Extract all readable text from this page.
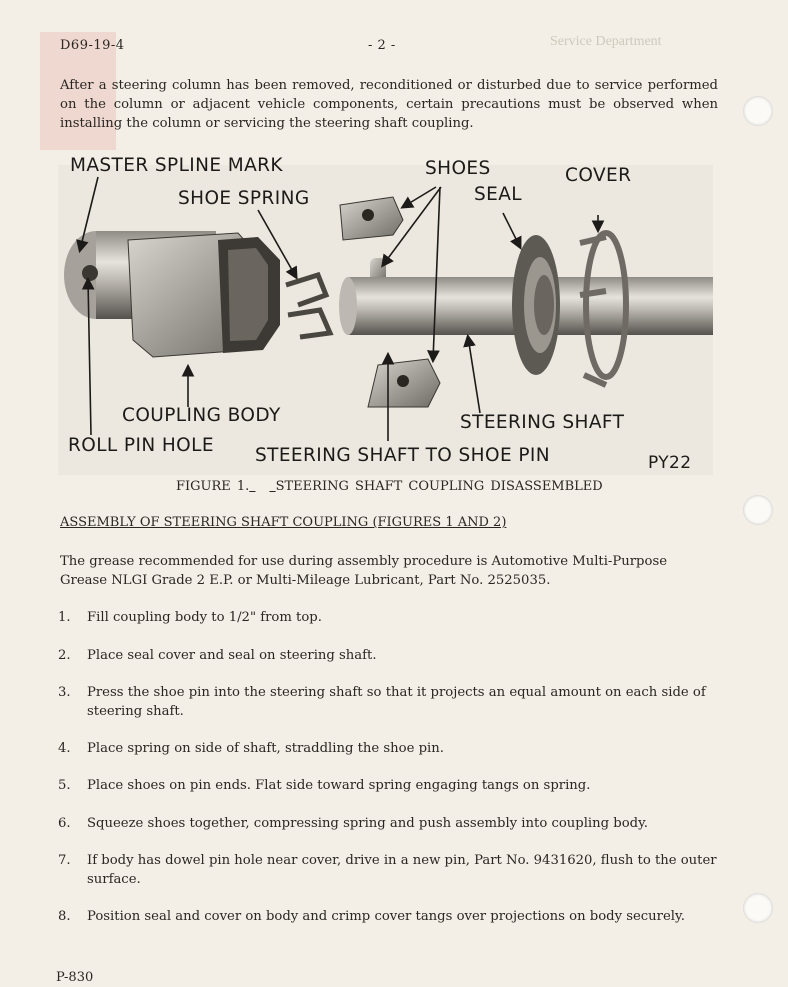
Service Department
D69-19-4	- 2 -
After a steering column has been removed, reconditioned or disturbed due to service performed on the column or adjacent vehicle components, certain precautions must be observed when installing the column or servicing the steering shaft coupling.
MASTER SPLINE MARK
SHOE SPRING
SHOES
SEAL
COVER
COUPLING BODY
ROLL PIN HOLE
STEERING SHAFT
STEERING SHAFT TO SHOE PIN	PY22
FIGURE 1. STEERING SHAFT COUPLING DISASSEMBLED
ASSEMBLY OF STEERING SHAFT COUPLING (FIGURES 1 AND 2)
The grease recommended for use during assembly procedure is Automotive Multi-Purpose Grease NLGI Grade 2 E.P. or Multi-Mileage Lubricant, Part No. 2525035.
1. Fill coupling body to 1/2" from top.
2. Place seal cover and seal on steering shaft.
3. Press the shoe pin into the steering shaft so that it projects an equal amount on each side of steering shaft.
4. Place spring on side of shaft, straddling the shoe pin.
5. Place shoes on pin ends. Flat side toward spring engaging tangs on spring.
6. Squeeze shoes together, compressing spring and push assembly into coupling body.
7. If body has dowel pin hole near cover, drive in a new pin, Part No. 9431620, flush to the outer surface.
8. Position seal and cover on body and crimp cover tangs over projections on body securely.
P-830
